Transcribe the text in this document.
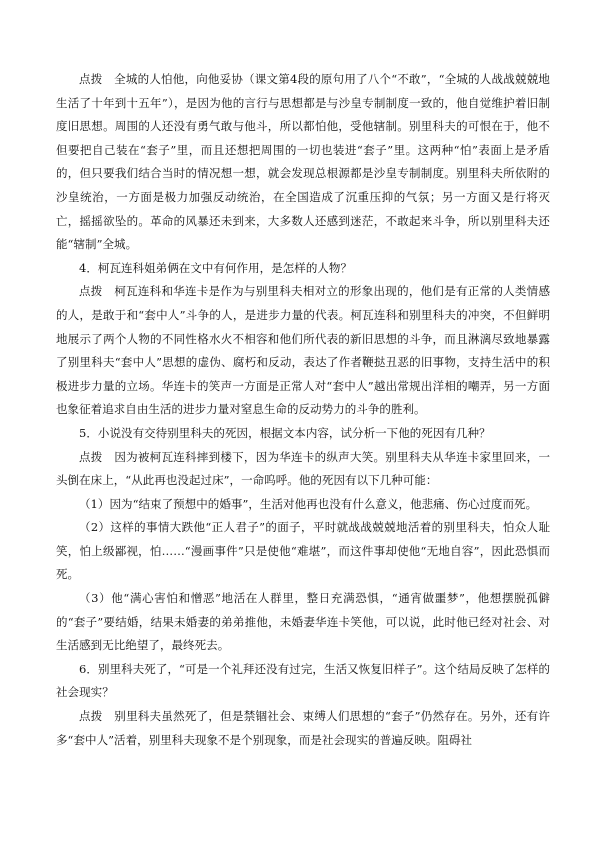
点拨　全城的人怕他，向他妥协（课文第4段的原句用了八个“不敢”，“全城的人战战兢兢地生活了十年到十五年”），是因为他的言行与思想都是与沙皇专制制度一致的，他自觉维护着旧制度旧思想。周围的人还没有勇气敢与他斗，所以都怕他，受他辖制。别里科夫的可恨在于，他不但要把自己装在“套子”里，而且还想把周围的一切也装进“套子”里。这两种“怕”表面上是矛盾的，但只要我们结合当时的情况想一想，就会发现总根源都是沙皇专制制度。别里科夫所依附的沙皇统治，一方面是极力加强反动统治，在全国造成了沉重压抑的气氛；另一方面又是行将灭亡，摇摇欲坠的。革命的风暴还未到来，大多数人还感到迷茫，不敢起来斗争，所以别里科夫还能“辖制”全城。

4．柯瓦连科姐弟俩在文中有何作用，是怎样的人物？

点拨　柯瓦连科和华连卡是作为与别里科夫相对立的形象出现的，他们是有正常的人类情感的人，是敢于和“套中人”斗争的人，是进步力量的代表。柯瓦连科和别里科夫的冲突，不但鲜明地展示了两个人物的不同性格水火不相容和他们所代表的新旧思想的斗争，而且淋漓尽致地暴露了别里科夫“套中人”思想的虚伪、腐朽和反动，表达了作者鞭挞丑恶的旧事物，支持生活中的积极进步力量的立场。华连卡的笑声一方面是正常人对“套中人”越出常规出洋相的嘲弄，另一方面也象征着追求自由生活的进步力量对窒息生命的反动势力的斗争的胜利。

5．小说没有交待别里科夫的死因，根据文本内容，试分析一下他的死因有几种？

点拨　因为被柯瓦连科摔到楼下，因为华连卡的纵声大笑。别里科夫从华连卡家里回来，一头倒在床上，“从此再也没起过床”，一命呜呼。他的死因有以下几种可能：

（1）因为“结束了预想中的婚事”，生活对他再也没有什么意义，他悲痛、伤心过度而死。

（2）这样的事情大跌他“正人君子”的面子，平时就战战兢兢地活着的别里科夫，怕众人耻笑，怕上级鄙视，怕……“漫画事件”只是使他“难堪”，而这件事却使他“无地自容”，因此恐惧而死。

（3）他“满心害怕和憎恶”地活在人群里，整日充满恐惧，“通宵做噩梦”，他想摆脱孤僻的“套子”要结婚，结果未婚妻的弟弟推他，未婚妻华连卡笑他，可以说，此时他已经对社会、对生活感到无比绝望了，最终死去。

6．别里科夫死了，“可是一个礼拜还没有过完，生活又恢复旧样子”。这个结局反映了怎样的社会现实？

点拨　别里科夫虽然死了，但是禁锢社会、束缚人们思想的“套子”仍然存在。另外，还有许多“套中人”活着，别里科夫现象不是个别现象，而是社会现实的普遍反映。阻碍社
